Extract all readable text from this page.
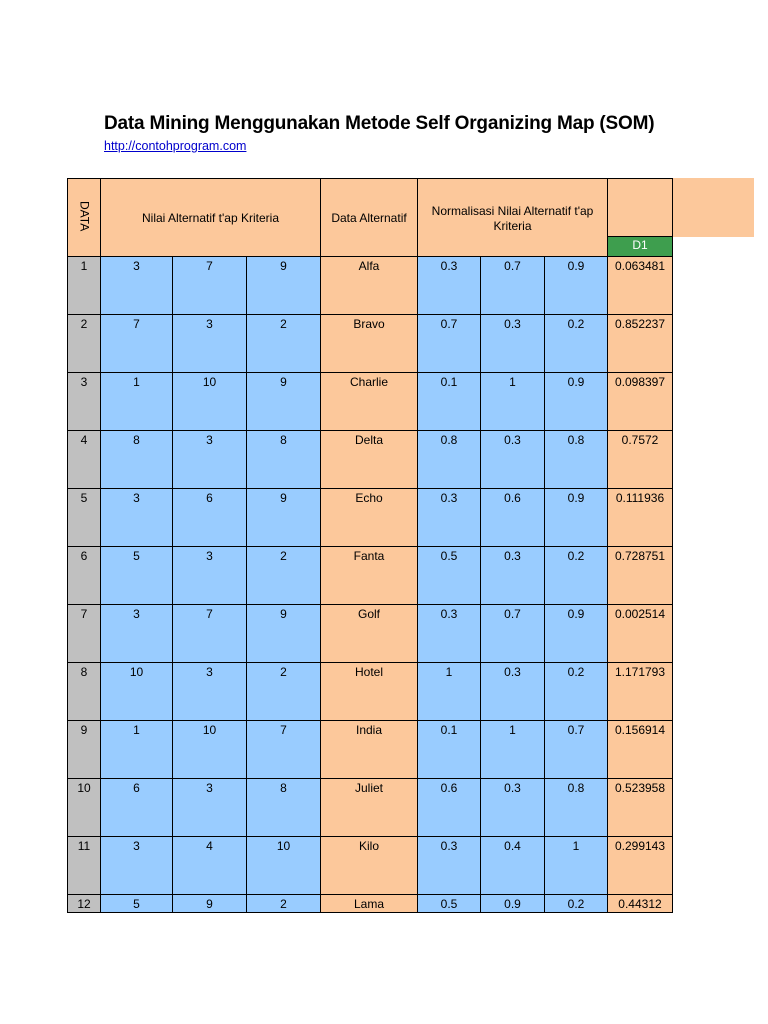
Data Mining Menggunakan Metode Self Organizing Map (SOM)
http://contohprogram.com
DATA	Nilai Alternatif t'ap Kriteria			Data Alternatif	Normalisasi Nilai Alternatif t'ap Kriteria			
								D1
1	3	7	9	Alfa	0.3	0.7	0.9	0.063481
2	7	3	2	Bravo	0.7	0.3	0.2	0.852237
3	1	10	9	Charlie	0.1	1	0.9	0.098397
4	8	3	8	Delta	0.8	0.3	0.8	0.7572
5	3	6	9	Echo	0.3	0.6	0.9	0.111936
6	5	3	2	Fanta	0.5	0.3	0.2	0.728751
7	3	7	9	Golf	0.3	0.7	0.9	0.002514
8	10	3	2	Hotel	1	0.3	0.2	1.171793
9	1	10	7	India	0.1	1	0.7	0.156914
10	6	3	8	Juliet	0.6	0.3	0.8	0.523958
11	3	4	10	Kilo	0.3	0.4	1	0.299143
12	5	9	2	Lama	0.5	0.9	0.2	0.44312
